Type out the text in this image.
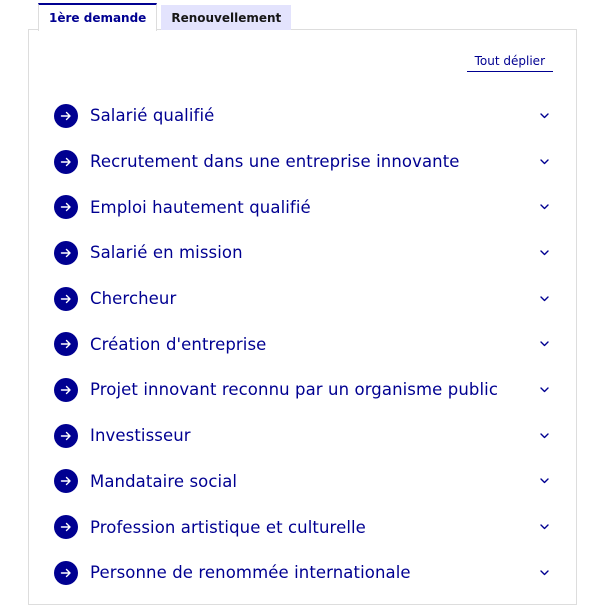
1ère demande	Renouvellement
Tout déplier
Salarié qualifié
Recrutement dans une entreprise innovante
Emploi hautement qualifié
Salarié en mission
Chercheur
Création d'entreprise
Projet innovant reconnu par un organisme public
Investisseur
Mandataire social
Profession artistique et culturelle
Personne de renommée internationale
